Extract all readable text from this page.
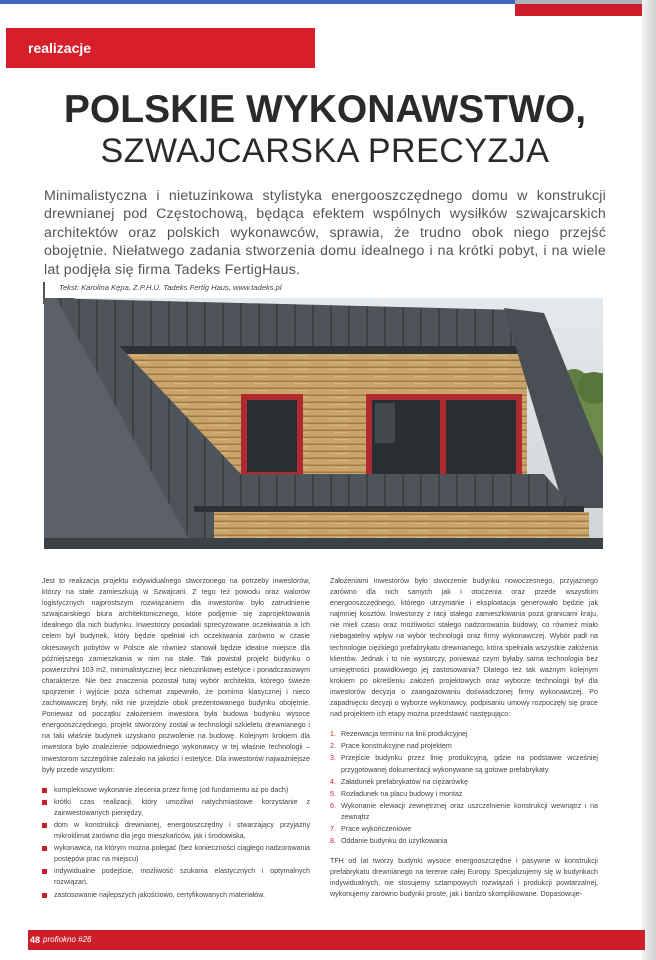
realizacje
POLSKIE WYKONAWSTWO,
SZWAJCARSKA PRECYZJA

Minimalistyczna i nietuzinkowa stylistyka energooszczędnego domu w konstrukcji drewnianej pod Częstochową, będąca efektem wspólnych wysiłków szwajcarskich architektów oraz polskich wykonawców, sprawia, że trudno obok niego przejść obojętnie. Niełatwego zadania stworzenia domu idealnego i na krótki pobyt, i na wiele lat podjęła się firma Tadeks FertigHaus.

Tekst: Karolina Kępa, Z.P.H.U. Tadeks Fertig Haus, www.tadeks.pl

Jest to realizacja projektu indywidualnego stworzonego na potrzeby inwestorów, którzy na stałe zamieszkują w Szwajcarii. Z tego też powodu oraz walorów logistycznych najprostszym rozwiązaniem dla inwestorów było zatrudnienie szwajcarskiego biura architektonicznego, które podjęmie się zaprojektowania idealnego dla nich budynku. Inwestorzy posiadali sprecyzowane oczekiwania a ich celem był budynek, który będzie spełniał ich oczekiwania zarówno w czasie okresowych pobytów w Polsce ale również stanowił będzie idealne miejsce dla późniejszego zamieszkania w nim na stałe. Tak powstał projekt budynku o powierzchni 103 m2, minimalistycznej lecz nietuzinkowej estetyce i ponadczasowym charakterze. Nie bez znaczenia pozostał tutaj wybór architekta, którego świeże spojrzenie i wyjście poza schemat zapewniło, że pomimo klasycznej i nieco zachowawczej bryły, nikt nie przejdzie obok prezentowanego budynku obojętnie. Ponieważ od początku założeniem inwestora była budowa budynku wysoce energooszczędnego, projekt stworzony został w technologii szkieletu drewnianego i na taki właśnie budynek uzyskano pozwolenie na budowę. Kolejnym krokiem dla inwestora było znalezienie odpowiedniego wykonawcy w tej właśnie technologii – inwestorom szczególnie zależało na jakości i estetyce. Dla inwestorów najważniejsze były przede wszystkim:

kompleksowe wykonanie zlecenia przez firmę (od fundamentu aż po dach)
krótki czas realizacji, który umożliwi natychmiastowe korzystanie z zainwestowanych pieniędzy,
dom w konstrukcji drewnianej, energooszczędny i stwarzający przyjazny mikroklimat zarówno dla jego mieszkańców, jak i środowiska,
wykonawca, na którym można polegać (bez konieczności ciągłego nadzorowania postępów prac na miejscu)
indywidualne podejście, możliwość szukania elastycznych i optymalnych rozwiązań,
zastosowanie najlepszych jakościowo, certyfikowanych materiałów.

Założeniami inwestorów było stworzenie budynku nowoczesnego, przyjaznego zarówno dla nich samych jak i otoczenia oraz przede wszystkim energooszczędnego, którego utrzymanie i eksploatacja generowało będzie jak najmniej kosztów. Inwestorzy z racji stałego zamieszkiwania poza granicami kraju, nie mieli czasu oraz możliwości stałego nadzorowania budowy, co również miało niebagatelny wpływ na wybór technologii oraz firmy wykonawczej. Wybór padł na technologie ciężkiego prefabrykatu drewnianego, która spełniała wszystkie założenia klientów. Jednak i to nie wystarczy, ponieważ czym byłaby sama technologia bez umiejętności prawidłowego jej zastosowania? Dlatego też tak ważnym kolejnym krokiem po określeniu założeń projektowych oraz wyborze technologii był dla inwestorów decyzja o zaangażowaniu doświadczonej firmy wykonawczej. Po zapadnięciu decyzji o wyborze wykonawcy, podpisaniu umowy rozpoczęły się prace nad projektem ich etapy można przedstawić następująco:

1. Rezerwacja terminu na linii produkcyjnej
2. Prace konstrukcyjne nad projektem
3. Przejście budynku przez linię produkcyjną, gdzie na podstawie wcześniej przygotowanej dokumentacji wykonywane są gotowe prefabrykaty
4. Załadunek prefabrykatów na ciężarówkę
5. Rozładunek na placu budowy i montaż
6. Wykonanie elewacji zewnętrznej oraz uszczelnienie konstrukcji wewnątrz i na zewnątrz
7. Prace wykończeniowe
8. Oddanie budynku do użytkowania

TFH od lat tworzy budynki wysoce energooszczędne i pasywne w konstrukcji prefabrykatu drewnianego na terenie całej Europy. Specjalizujemy się w budynkach indywidualnych, nie stosujemy sztampowych rozwiązań i produkcji powtarzalnej, wykonujemy zarówno budynki proste, jak i bardzo skomplikowane. Dopasowuje-

48 profiokno #26
